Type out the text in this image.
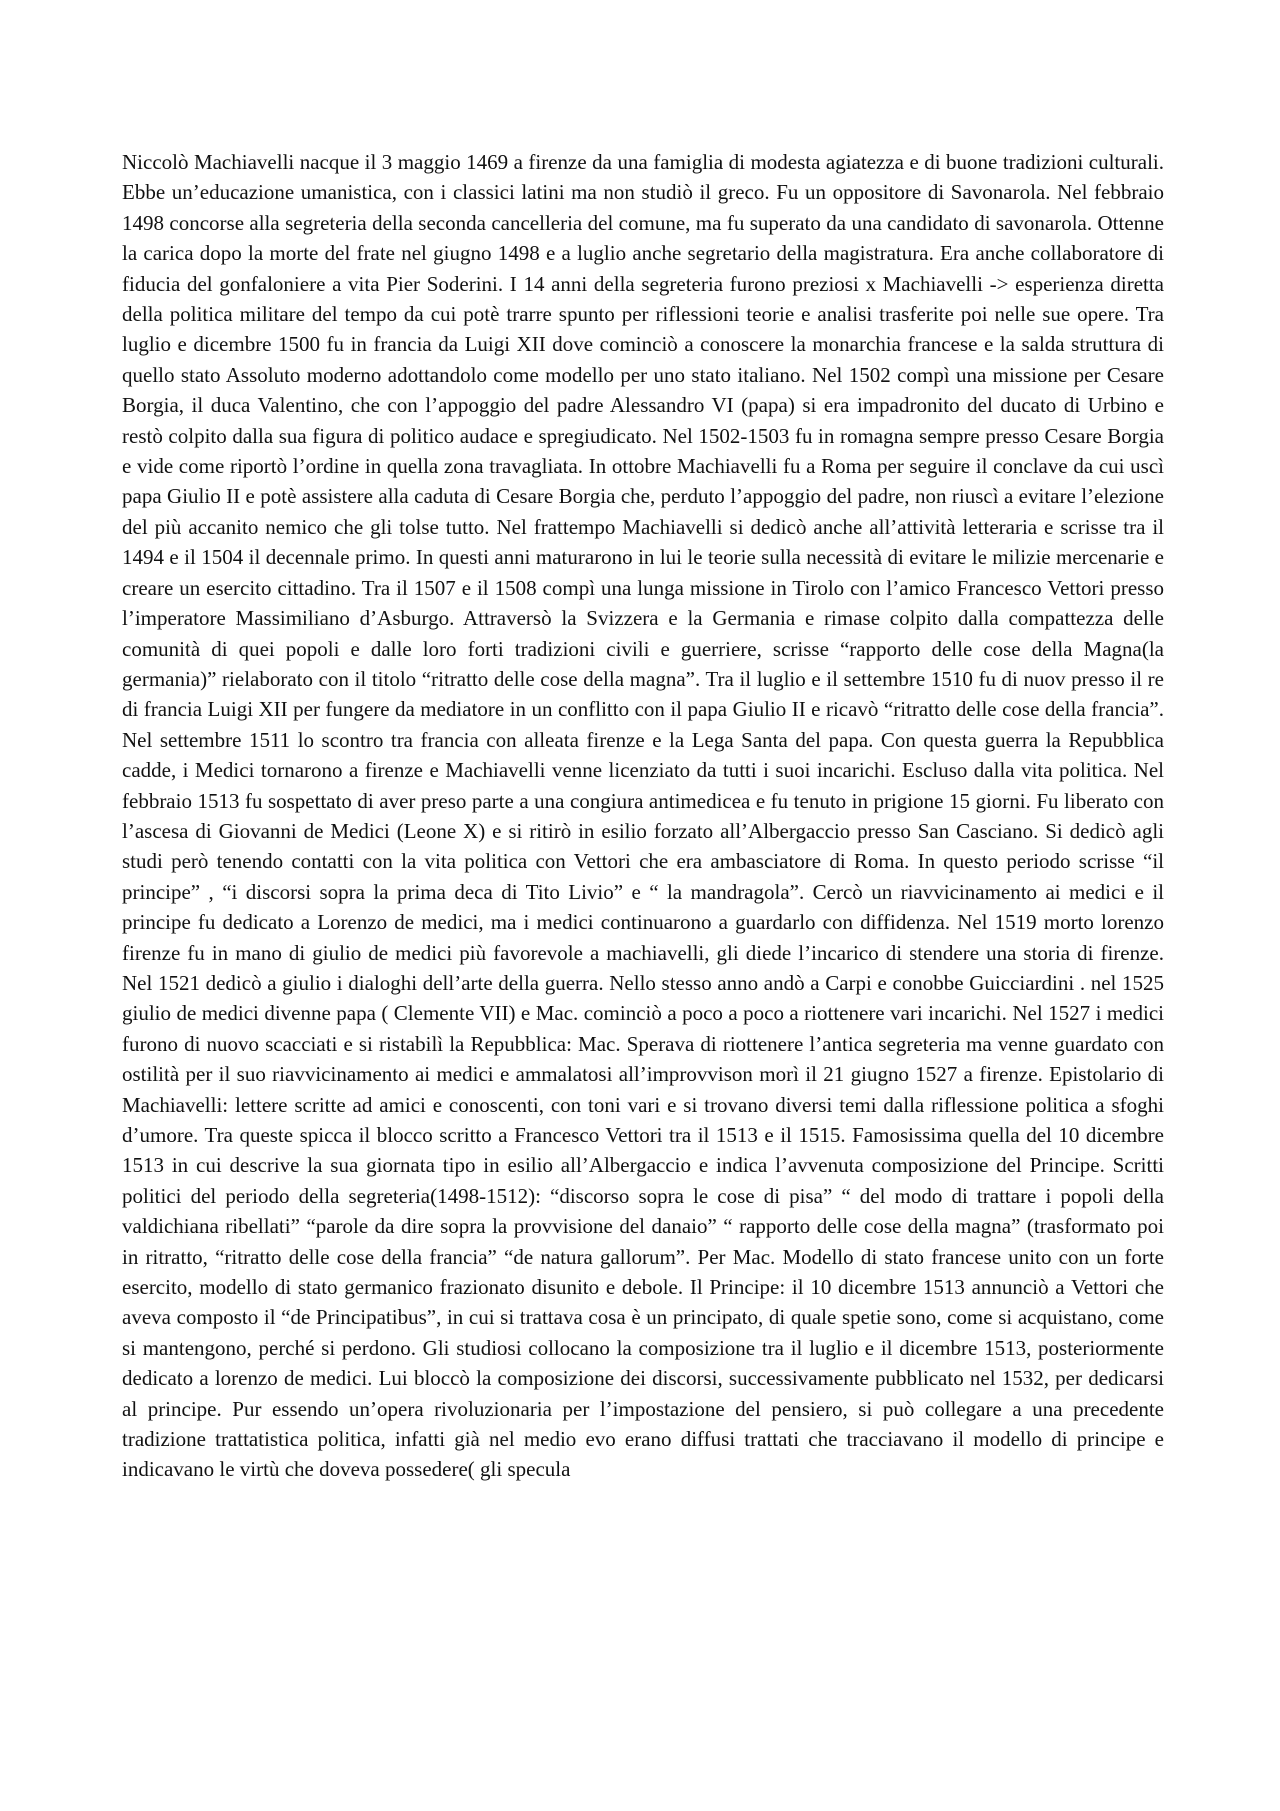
Niccolò Machiavelli nacque il 3 maggio 1469 a firenze da una famiglia di modesta agiatezza e di buone tradizioni culturali. Ebbe un’educazione umanistica, con i classici latini ma non studiò il greco. Fu un oppositore di Savonarola. Nel febbraio 1498 concorse alla segreteria della seconda cancelleria del comune, ma fu superato da una candidato di savonarola. Ottenne la carica dopo la morte del frate nel giugno 1498 e a luglio anche segretario della magistratura. Era anche collaboratore di fiducia del gonfaloniere a vita Pier Soderini. I 14 anni della segreteria furono preziosi x Machiavelli -> esperienza diretta della politica militare del tempo da cui potè trarre spunto per riflessioni teorie e analisi trasferite poi nelle sue opere. Tra luglio e dicembre 1500 fu in francia da Luigi XII dove cominciò a conoscere la monarchia francese e la salda struttura di quello stato Assoluto moderno adottandolo come modello per uno stato italiano. Nel 1502 compì una missione per Cesare Borgia, il duca Valentino, che con l’appoggio del padre Alessandro VI (papa) si era impadronito del ducato di Urbino e restò colpito dalla sua figura di politico audace e spregiudicato. Nel 1502-1503 fu in romagna sempre presso Cesare Borgia e vide come riportò l’ordine in quella zona travagliata. In ottobre Machiavelli fu a Roma per seguire il conclave da cui uscì papa Giulio II e potè assistere alla caduta di Cesare Borgia che, perduto l’appoggio del padre, non riuscì a evitare l’elezione del più accanito nemico che gli tolse tutto. Nel frattempo Machiavelli si dedicò anche all’attività letteraria e scrisse tra il 1494 e il 1504 il decennale primo. In questi anni maturarono in lui le teorie sulla necessità di evitare le milizie mercenarie e creare un esercito cittadino. Tra il 1507 e il 1508 compì una lunga missione in Tirolo con l’amico Francesco Vettori presso l’imperatore Massimiliano d’Asburgo. Attraversò la Svizzera e la Germania e rimase colpito dalla compattezza delle comunità di quei popoli e dalle loro forti tradizioni civili e guerriere, scrisse “rapporto delle cose della Magna(la germania)” rielaborato con il titolo “ritratto delle cose della magna”. Tra il luglio e il settembre 1510 fu di nuov presso il re di francia Luigi XII per fungere da mediatore in un conflitto con il papa Giulio II e ricavò “ritratto delle cose della francia”. Nel settembre 1511 lo scontro tra francia con alleata firenze e la Lega Santa del papa. Con questa guerra la Repubblica cadde, i Medici tornarono a firenze e Machiavelli venne licenziato da tutti i suoi incarichi. Escluso dalla vita politica. Nel febbraio 1513 fu sospettato di aver preso parte a una congiura antimedicea e fu tenuto in prigione 15 giorni. Fu liberato con l’ascesa di Giovanni de Medici (Leone X) e si ritirò in esilio forzato all’Albergaccio presso San Casciano. Si dedicò agli studi però tenendo contatti con la vita politica con Vettori che era ambasciatore di Roma. In questo periodo scrisse “il principe” , “i discorsi sopra la prima deca di Tito Livio” e “ la mandragola”. Cercò un riavvicinamento ai medici e il principe fu dedicato a Lorenzo de medici, ma i medici continuarono a guardarlo con diffidenza. Nel 1519 morto lorenzo firenze fu in mano di giulio de medici più favorevole a machiavelli, gli diede l’incarico di stendere una storia di firenze. Nel 1521 dedicò a giulio i dialoghi dell’arte della guerra. Nello stesso anno andò a Carpi e conobbe Guicciardini . nel 1525 giulio de medici divenne papa ( Clemente VII) e Mac. cominciò a poco a poco a riottenere vari incarichi. Nel 1527 i medici furono di nuovo scacciati e si ristabilì la Repubblica: Mac. Sperava di riottenere l’antica segreteria ma venne guardato con ostilità per il suo riavvicinamento ai medici e ammalatosi all’improvvison morì il 21 giugno 1527 a firenze. Epistolario di Machiavelli: lettere scritte ad amici e conoscenti, con toni vari e si trovano diversi temi dalla riflessione politica a sfoghi d’umore. Tra queste spicca il blocco scritto a Francesco Vettori tra il 1513 e il 1515. Famosissima quella del 10 dicembre 1513 in cui descrive la sua giornata tipo in esilio all’Albergaccio e indica l’avvenuta composizione del Principe. Scritti politici del periodo della segreteria(1498-1512): “discorso sopra le cose di pisa” “ del modo di trattare i popoli della valdichiana ribellati” “parole da dire sopra la provvisione del danaio” “ rapporto delle cose della magna” (trasformato poi in ritratto, “ritratto delle cose della francia” “de natura gallorum”. Per Mac. Modello di stato francese unito con un forte esercito, modello di stato germanico frazionato disunito e debole. Il Principe: il 10 dicembre 1513 annunciò a Vettori che aveva composto il “de Principatibus”, in cui si trattava cosa è un principato, di quale spetie sono, come si acquistano, come si mantengono, perché si perdono. Gli studiosi collocano la composizione tra il luglio e il dicembre 1513, posteriormente dedicato a lorenzo de medici. Lui bloccò la composizione dei discorsi, successivamente pubblicato nel 1532, per dedicarsi al principe. Pur essendo un’opera rivoluzionaria per l’impostazione del pensiero, si può collegare a una precedente tradizione trattatistica politica, infatti già nel medio evo erano diffusi trattati che tracciavano il modello di principe e indicavano le virtù che doveva possedere( gli specula
